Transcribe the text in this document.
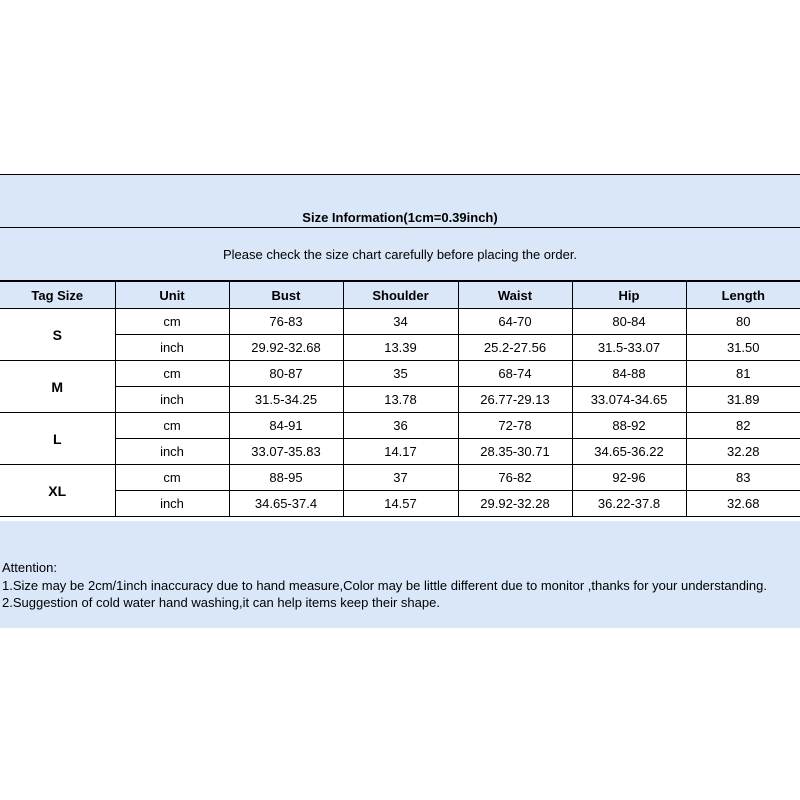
Size Information(1cm=0.39inch)
Please check the size chart carefully before placing the order.
Tag Size	Unit	Bust	Shoulder	Waist	Hip	Length
S	cm	76-83	34	64-70	80-84	80
	inch	29.92-32.68	13.39	25.2-27.56	31.5-33.07	31.50
M	cm	80-87	35	68-74	84-88	81
	inch	31.5-34.25	13.78	26.77-29.13	33.074-34.65	31.89
L	cm	84-91	36	72-78	88-92	82
	inch	33.07-35.83	14.17	28.35-30.71	34.65-36.22	32.28
XL	cm	88-95	37	76-82	92-96	83
	inch	34.65-37.4	14.57	29.92-32.28	36.22-37.8	32.68
Attention:
1.Size may be 2cm/1inch inaccuracy due to hand measure,Color may be little different due to monitor ,thanks for your understanding.
2.Suggestion of cold water hand washing,it can help items keep their shape.
